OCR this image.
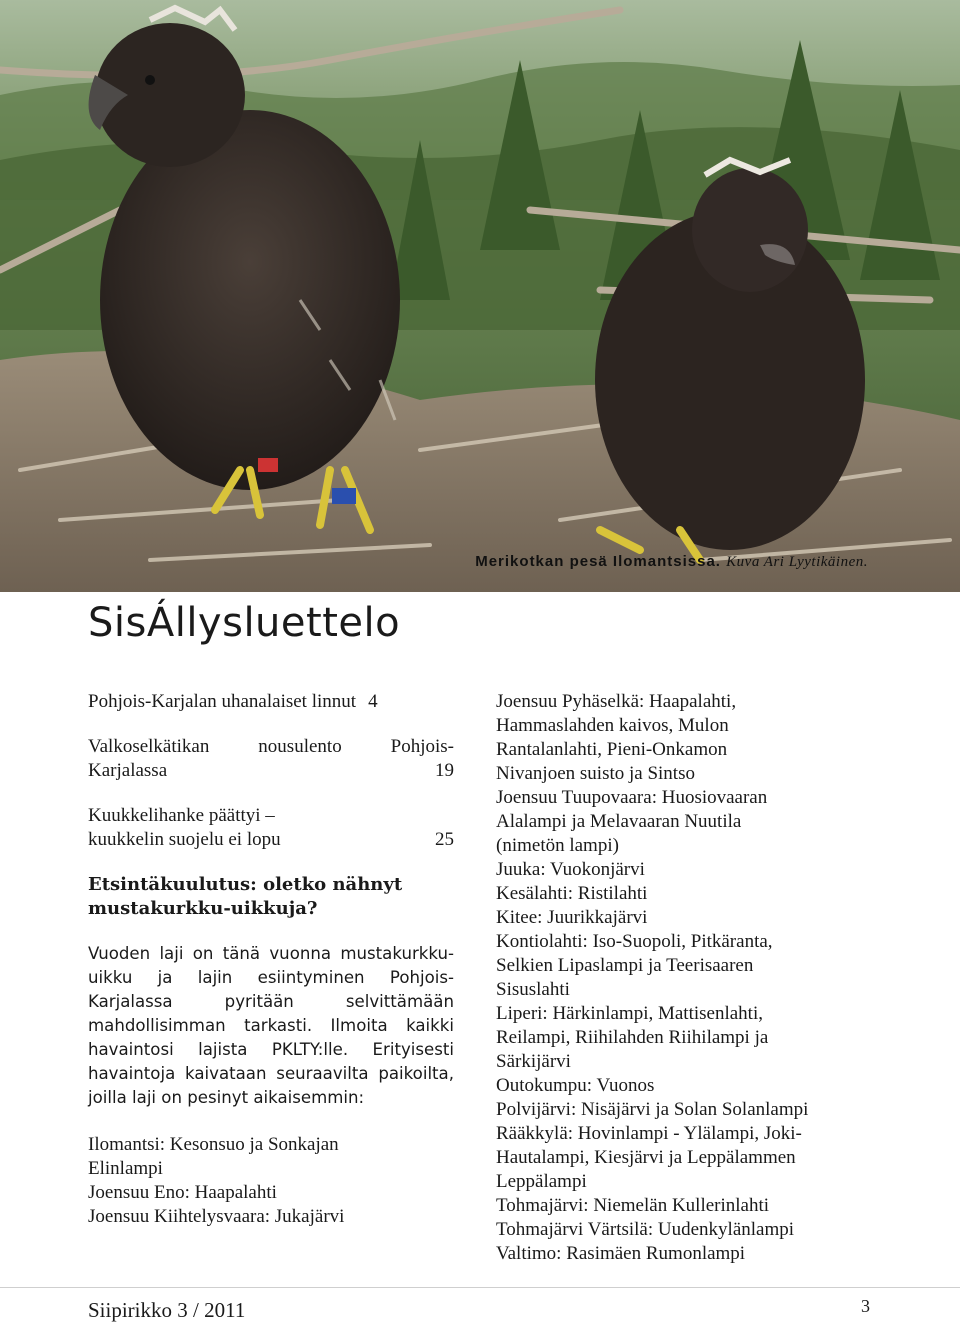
Merikotkan pesä Ilomantsissa. Kuva Ari Lyytikäinen.
SisÁllysluettelo
Pohjois-Karjalan uhanalaiset linnut 4
Valkoselkätikan nousulento Pohjois-
Karjalassa	19
Kuukkelihanke päättyi –
kuukkelin suojelu ei lopu	25
Etsintäkuulutus: oletko nähnyt mustakurkku-uikkuja?
Vuoden laji on tänä vuonna mustakurkku-uikku ja lajin esiintyminen Pohjois-Karjalassa pyritään selvittämään mahdollisimman tarkasti. Ilmoita kaikki havaintosi lajista PKLTY:lle. Erityisesti havaintoja kaivataan seuraavilta paikoilta, joilla laji on pesinyt aikaisemmin:
Ilomantsi: Kesonsuo ja Sonkajan
Elinlampi
Joensuu Eno: Haapalahti
Joensuu Kiihtelysvaara: Jukajärvi
Joensuu Pyhäselkä: Haapalahti,
Hammaslahden kaivos, Mulon
Rantalanlahti, Pieni-Onkamon
Nivanjoen suisto ja Sintso
Joensuu Tuupovaara: Huosiovaaran
Alalampi ja Melavaaran Nuutila
(nimetön lampi)
Juuka: Vuokonjärvi
Kesälahti: Ristilahti
Kitee: Juurikkajärvi
Kontiolahti: Iso-Suopoli, Pitkäranta,
Selkien Lipaslampi ja Teerisaaren
Sisuslahti
Liperi: Härkinlampi, Mattisenlahti,
Reilampi, Riihilahden Riihilampi ja
Särkijärvi
Outokumpu: Vuonos
Polvijärvi: Nisäjärvi ja Solan Solanlampi
Rääkkylä: Hovinlampi - Ylälampi, Joki-
Hautalampi, Kiesjärvi ja Leppälammen
Leppälampi
Tohmajärvi: Niemelän Kullerinlahti
Tohmajärvi Värtsilä: Uudenkylänlampi
Valtimo: Rasimäen Rumonlampi
Siipirikko 3 / 2011	3
